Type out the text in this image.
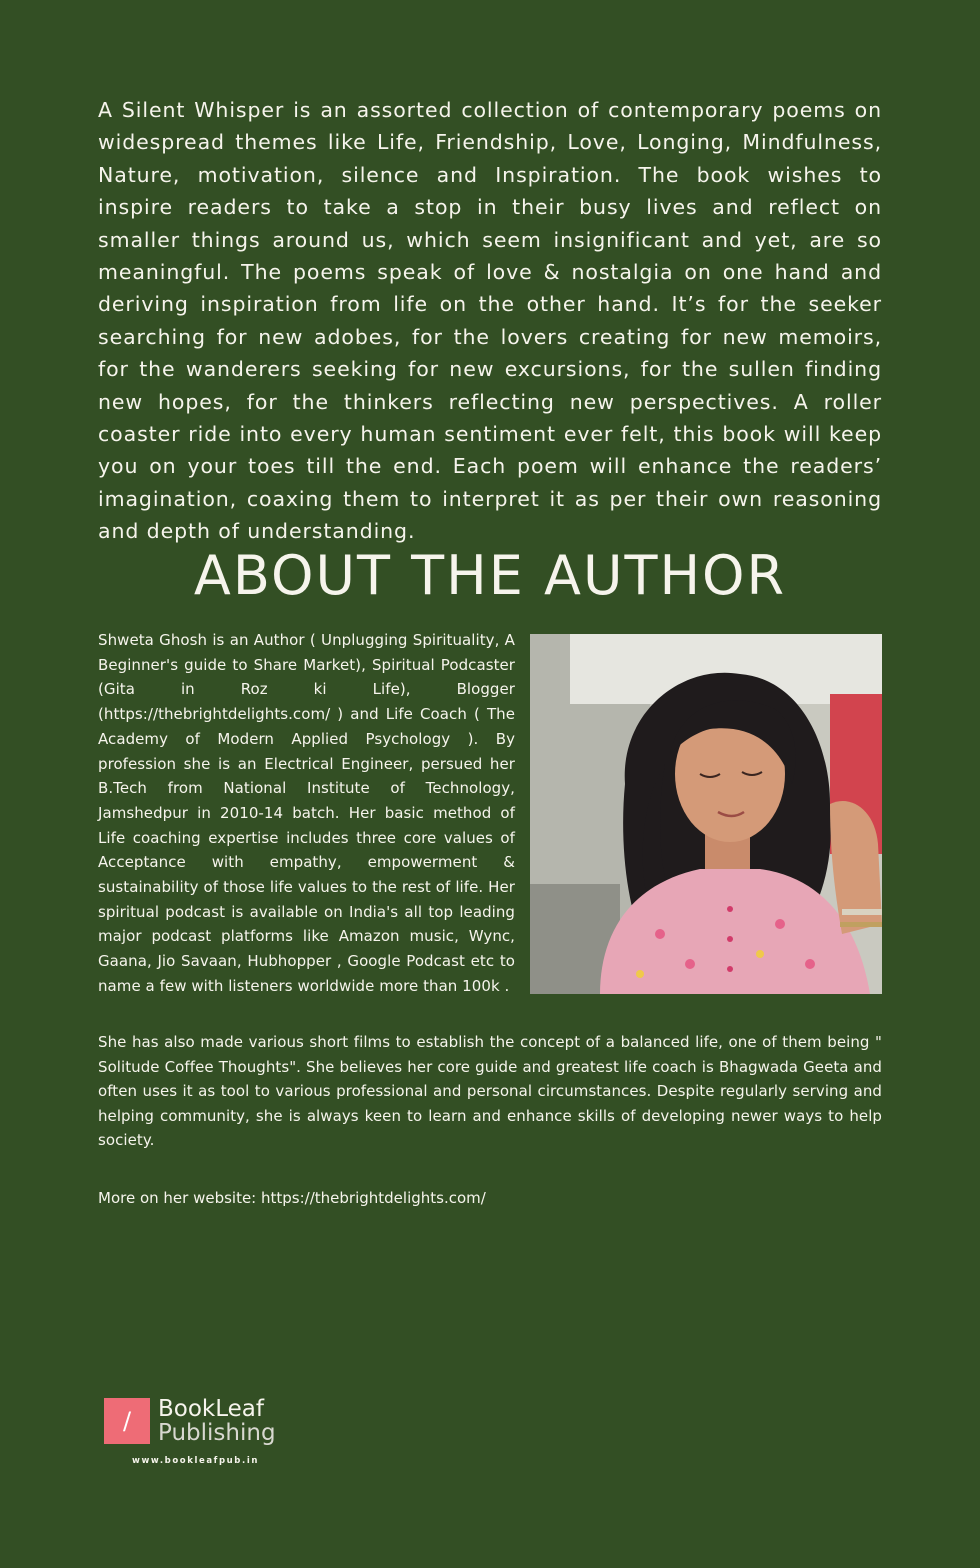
A Silent Whisper is an assorted collection of contemporary poems on widespread themes like Life, Friendship, Love, Longing, Mindfulness, Nature, motivation, silence and Inspiration. The book wishes to inspire readers to take a stop in their busy lives and reflect on smaller things around us, which seem insignificant and yet, are so meaningful. The poems speak of love & nostalgia on one hand and deriving inspiration from life on the other hand. It’s for the seeker searching for new adobes, for the lovers creating for new memoirs, for the wanderers seeking for new excursions, for the sullen finding new hopes, for the thinkers reflecting new perspectives. A roller coaster ride into every human sentiment ever felt, this book will keep you on your toes till the end. Each poem will enhance the readers’ imagination, coaxing them to interpret it as per their own reasoning and depth of understanding.

ABOUT THE AUTHOR

Shweta Ghosh is an Author ( Unplugging Spirituality, A Beginner's guide to Share Market), Spiritual Podcaster (Gita in Roz ki Life), Blogger (https://thebrightdelights.com/ ) and Life Coach ( The Academy of Modern Applied Psychology ). By profession she is an Electrical Engineer, persued her B.Tech from National Institute of Technology, Jamshedpur in 2010-14 batch. Her basic method of Life coaching expertise includes three core values of Acceptance with empathy, empowerment & sustainability of those life values to the rest of life. Her spiritual podcast is available on India's all top leading major podcast platforms like Amazon music, Wync, Gaana, Jio Savaan, Hubhopper , Google Podcast etc to name a few with listeners worldwide more than 100k .

She has also made various short films to establish the concept of a balanced life, one of them being " Solitude Coffee Thoughts". She believes her core guide and greatest life coach is Bhagwada Geeta and often uses it as tool to various professional and personal circumstances. Despite regularly serving and helping community, she is always keen to learn and enhance skills of developing newer ways to help society.

More on her website: https://thebrightdelights.com/

/	BookLeaf
Publishing
www.bookleafpub.in
